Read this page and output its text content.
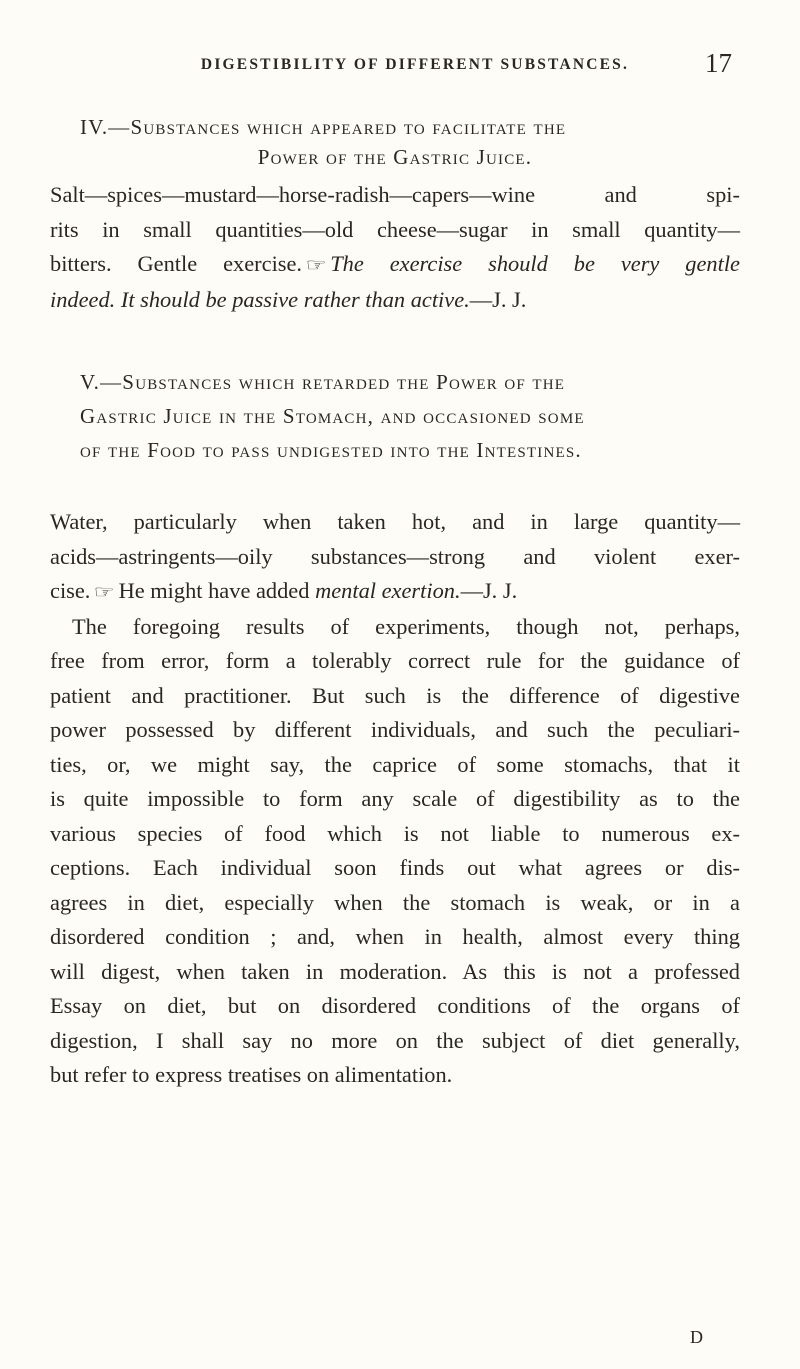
DIGESTIBILITY OF DIFFERENT SUBSTANCES.	17
IV.—Substances which appeared to facilitate the
Power of the Gastric Juice.
Salt—spices—mustard—horse-radish—capers—wine and spi-
rits in small quantities—old cheese—sugar in small quantity—
bitters. Gentle exercise. ☞ The exercise should be very gentle
indeed. It should be passive rather than active.—J. J.
V.—Substances which retarded the Power of the
Gastric Juice in the Stomach, and occasioned some
of the Food to pass undigested into the Intestines.
Water, particularly when taken hot, and in large quantity—
acids—astringents—oily substances—strong and violent exer-
cise. ☞ He might have added mental exertion.—J. J.
The foregoing results of experiments, though not, perhaps,
free from error, form a tolerably correct rule for the guidance of
patient and practitioner. But such is the difference of digestive
power possessed by different individuals, and such the peculiari-
ties, or, we might say, the caprice of some stomachs, that it
is quite impossible to form any scale of digestibility as to the
various species of food which is not liable to numerous ex-
ceptions. Each individual soon finds out what agrees or dis-
agrees in diet, especially when the stomach is weak, or in a
disordered condition ; and, when in health, almost every thing
will digest, when taken in moderation. As this is not a professed
Essay on diet, but on disordered conditions of the organs of
digestion, I shall say no more on the subject of diet generally,
but refer to express treatises on alimentation.
D
